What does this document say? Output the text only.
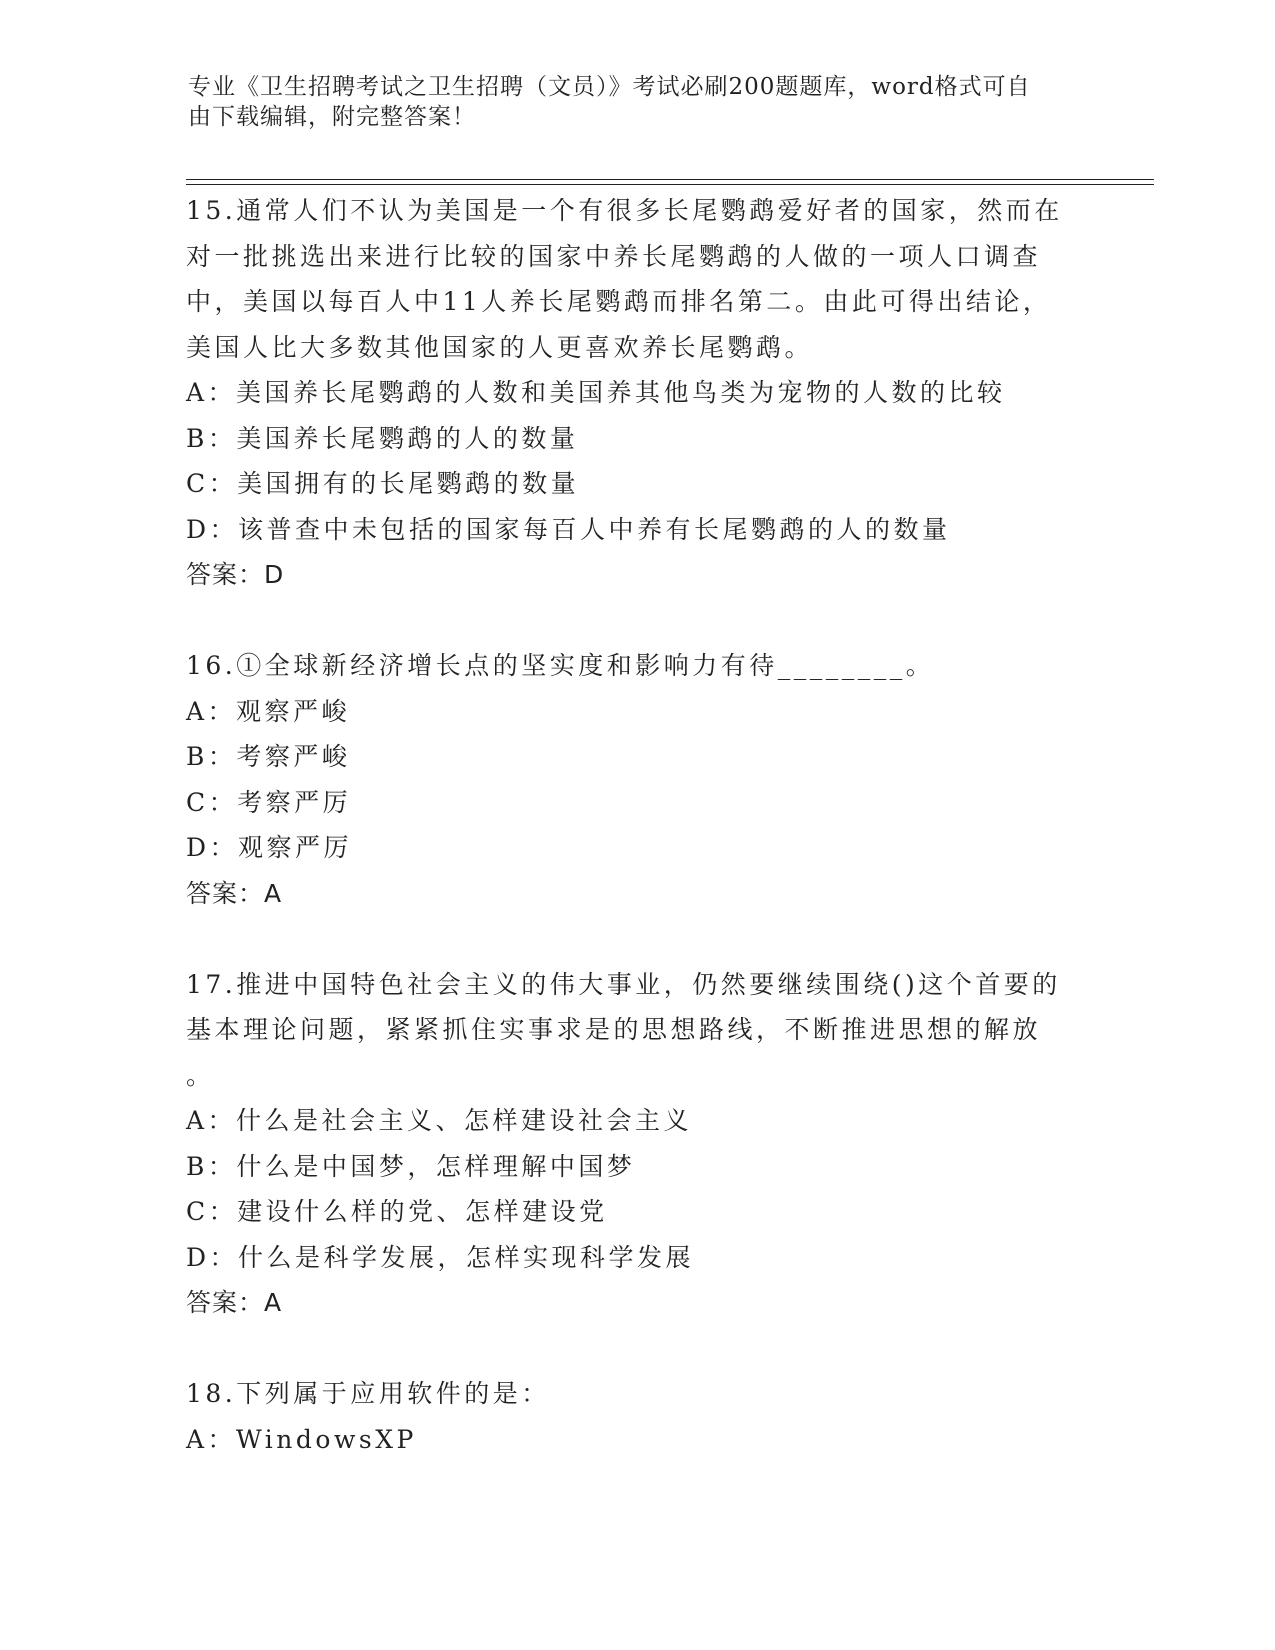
专业《卫生招聘考试之卫生招聘（文员）》考试必刷200题题库，word格式可自
由下载编辑，附完整答案！
15.通常人们不认为美国是一个有很多长尾鹦鹉爱好者的国家，然而在
对一批挑选出来进行比较的国家中养长尾鹦鹉的人做的一项人口调查
中，美国以每百人中11人养长尾鹦鹉而排名第二。由此可得出结论，
美国人比大多数其他国家的人更喜欢养长尾鹦鹉。
A：美国养长尾鹦鹉的人数和美国养其他鸟类为宠物的人数的比较
B：美国养长尾鹦鹉的人的数量
C：美国拥有的长尾鹦鹉的数量
D：该普查中未包括的国家每百人中养有长尾鹦鹉的人的数量
答案：D
16.①全球新经济增长点的坚实度和影响力有待________。
A：观察严峻
B：考察严峻
C：考察严厉
D：观察严厉
答案：A
17.推进中国特色社会主义的伟大事业，仍然要继续围绕()这个首要的
基本理论问题，紧紧抓住实事求是的思想路线，不断推进思想的解放
。
A：什么是社会主义、怎样建设社会主义
B：什么是中国梦，怎样理解中国梦
C：建设什么样的党、怎样建设党
D：什么是科学发展，怎样实现科学发展
答案：A
18.下列属于应用软件的是：
A：WindowsXP
